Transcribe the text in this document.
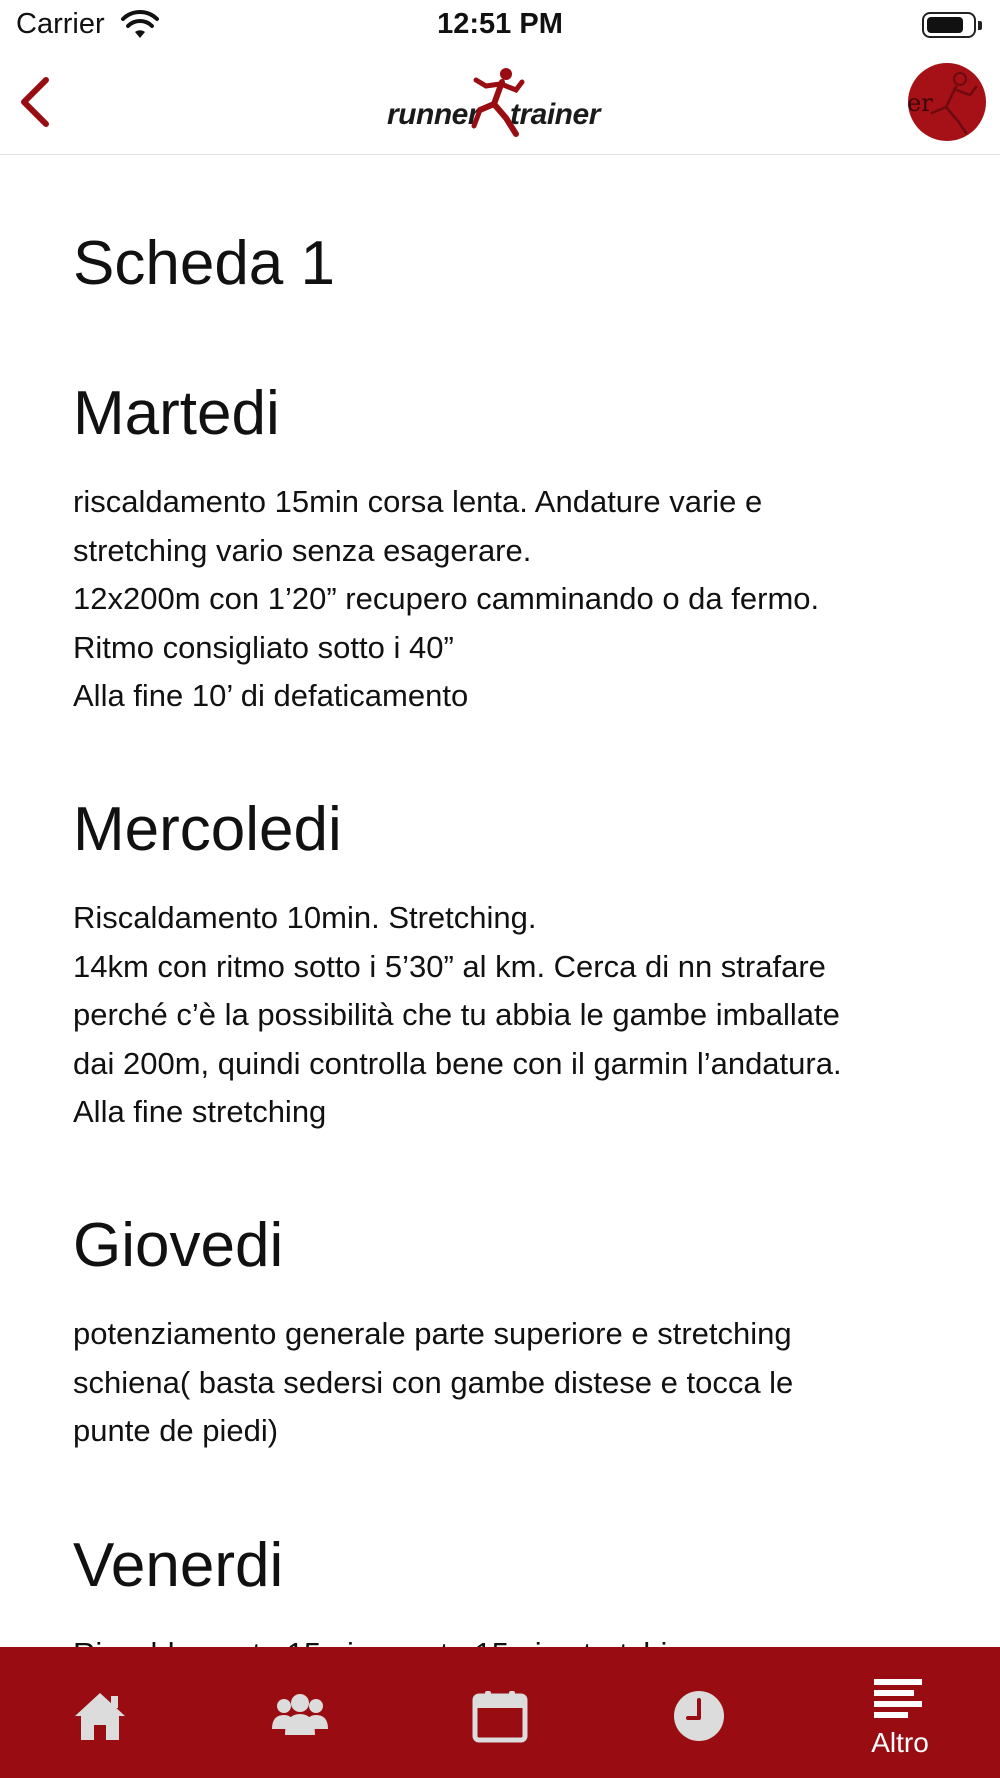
Carrier	12:51 PM
runner trainer	er
Scheda 1
Martedi
riscaldamento 15min corsa lenta. Andature varie e
stretching vario senza esagerare.
12x200m con 1’20” recupero camminando o da fermo.
Ritmo consigliato sotto i 40”
Alla fine 10’ di defaticamento
Mercoledi
Riscaldamento 10min. Stretching.
14km con ritmo sotto i 5’30” al km. Cerca di nn strafare
perché c’è la possibilità che tu abbia le gambe imballate
dai 200m, quindi controlla bene con il garmin l’andatura.
Alla fine stretching
Giovedi
potenziamento generale parte superiore e stretching
schiena( basta sedersi con gambe distese e tocca le
punte de piedi)
Venerdi
Altro
